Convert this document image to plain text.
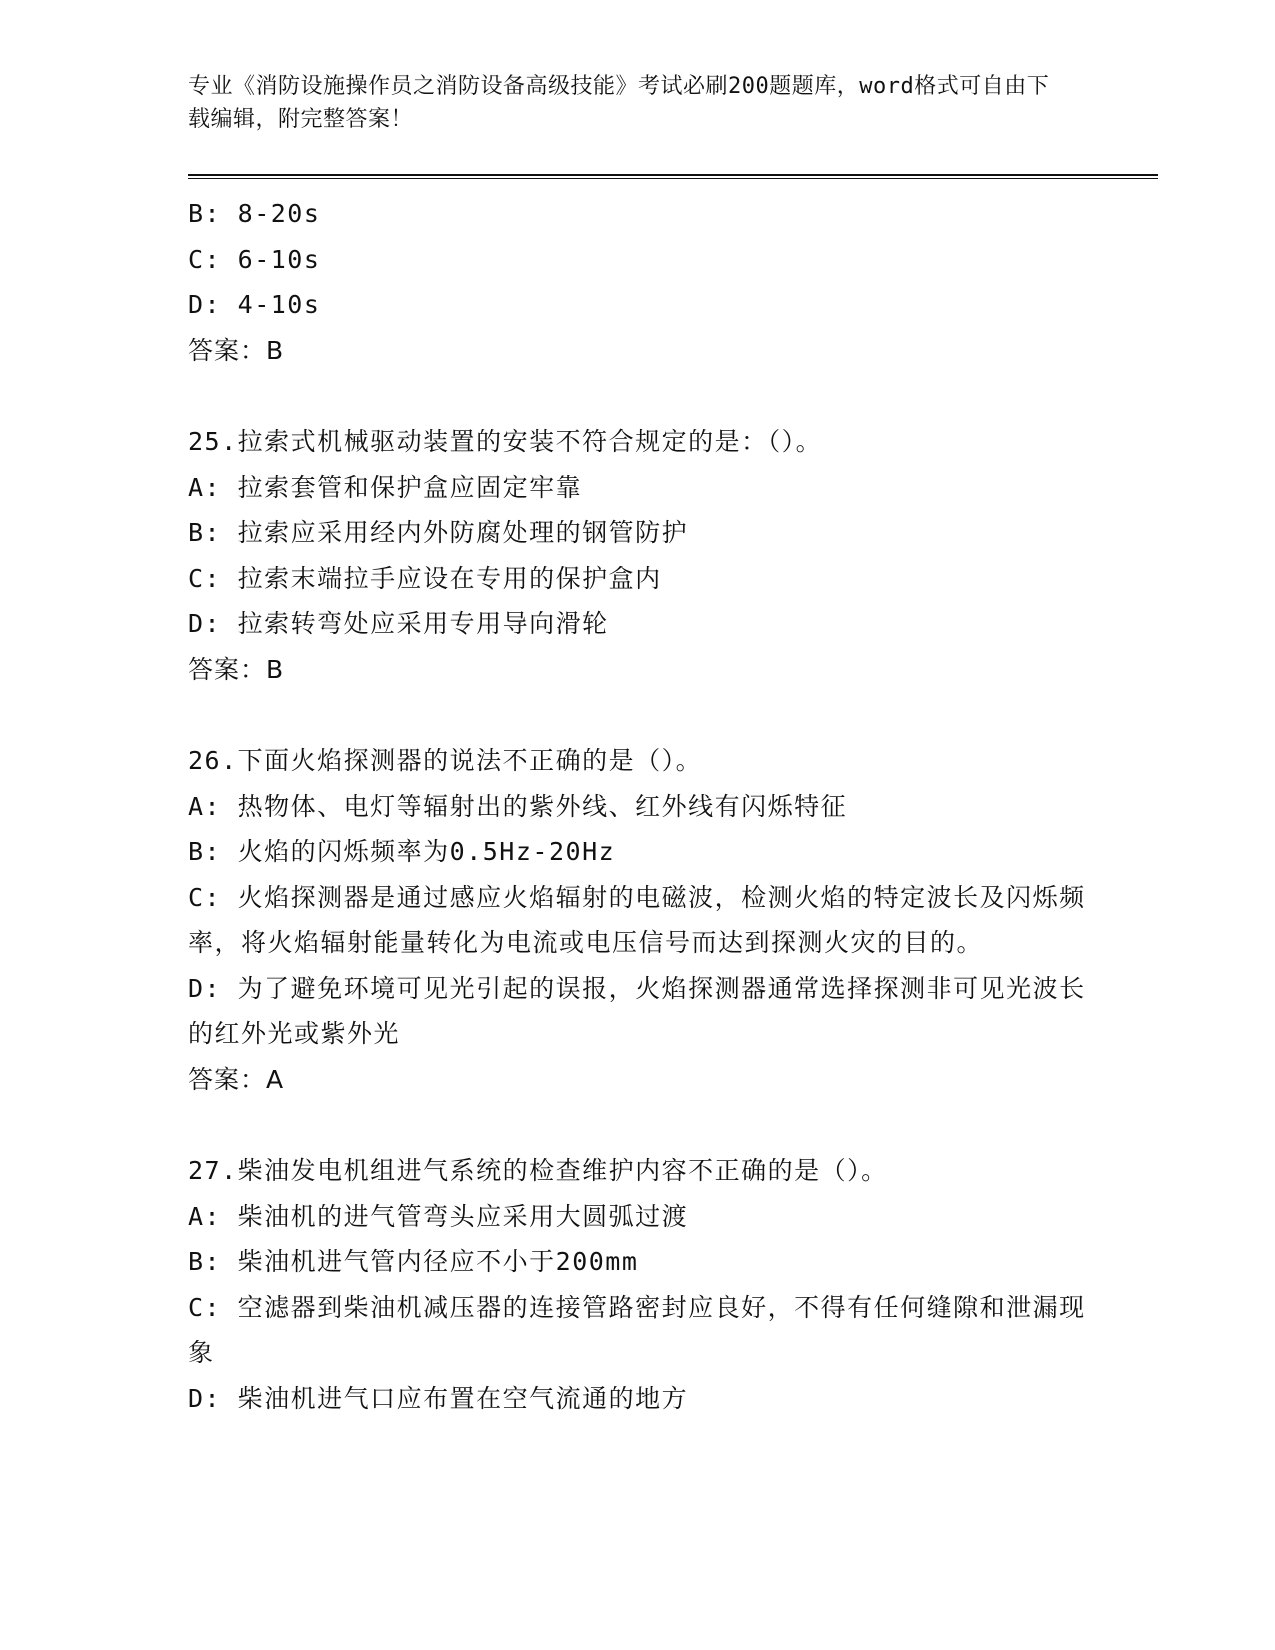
专业《消防设施操作员之消防设备高级技能》考试必刷200题题库，word格式可自由下载编辑，附完整答案！
B: 8-20s
C: 6-10s
D: 4-10s
答案：B
25.拉索式机械驱动装置的安装不符合规定的是：（）。
A: 拉索套管和保护盒应固定牢靠
B: 拉索应采用经内外防腐处理的钢管防护
C: 拉索末端拉手应设在专用的保护盒内
D: 拉索转弯处应采用专用导向滑轮
答案：B
26.下面火焰探测器的说法不正确的是（）。
A: 热物体、电灯等辐射出的紫外线、红外线有闪烁特征
B: 火焰的闪烁频率为0.5Hz-20Hz
C: 火焰探测器是通过感应火焰辐射的电磁波，检测火焰的特定波长及闪烁频率，将火焰辐射能量转化为电流或电压信号而达到探测火灾的目的。
D: 为了避免环境可见光引起的误报，火焰探测器通常选择探测非可见光波长的红外光或紫外光
答案：A
27.柴油发电机组进气系统的检查维护内容不正确的是（）。
A: 柴油机的进气管弯头应采用大圆弧过渡
B: 柴油机进气管内径应不小于200mm
C: 空滤器到柴油机减压器的连接管路密封应良好，不得有任何缝隙和泄漏现象
D: 柴油机进气口应布置在空气流通的地方
